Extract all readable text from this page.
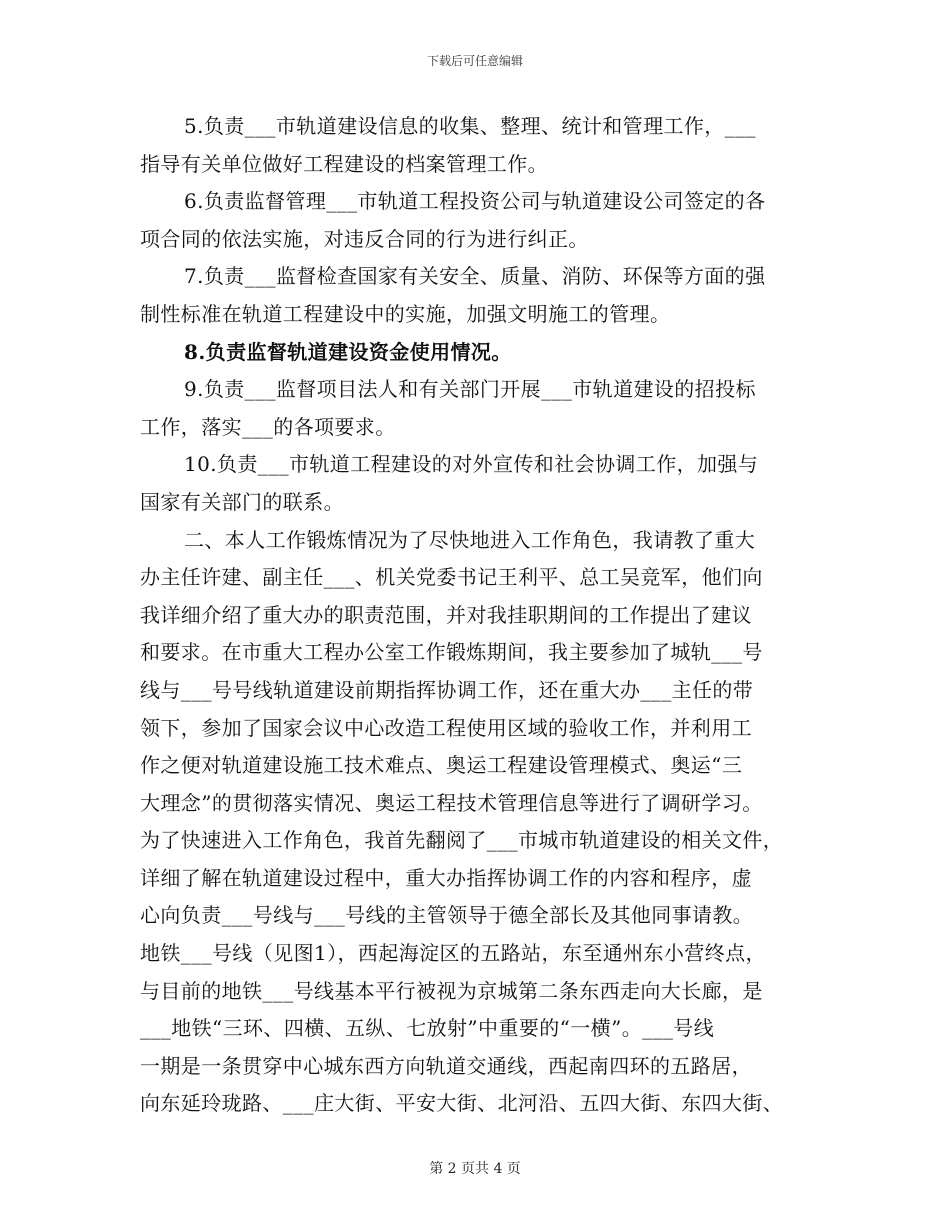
下载后可任意编辑

5.负责___市轨道建设信息的收集、整理、统计和管理工作，___
指导有关单位做好工程建设的档案管理工作。

6.负责监督管理___市轨道工程投资公司与轨道建设公司签定的各
项合同的依法实施，对违反合同的行为进行纠正。

7.负责___监督检查国家有关安全、质量、消防、环保等方面的强
制性标准在轨道工程建设中的实施，加强文明施工的管理。

8.负责监督轨道建设资金使用情况。

9.负责___监督项目法人和有关部门开展___市轨道建设的招投标
工作，落实___的各项要求。

10.负责___市轨道工程建设的对外宣传和社会协调工作，加强与
国家有关部门的联系。

二、本人工作锻炼情况为了尽快地进入工作角色，我请教了重大
办主任许建、副主任___、机关党委书记王利平、总工吴竞军，他们向
我详细介绍了重大办的职责范围，并对我挂职期间的工作提出了建议
和要求。在市重大工程办公室工作锻炼期间，我主要参加了城轨___号
线与___号号线轨道建设前期指挥协调工作，还在重大办___主任的带
领下，参加了国家会议中心改造工程使用区域的验收工作，并利用工
作之便对轨道建设施工技术难点、奥运工程建设管理模式、奥运“三
大理念”的贯彻落实情况、奥运工程技术管理信息等进行了调研学习。
为了快速进入工作角色，我首先翻阅了___市城市轨道建设的相关文件，
详细了解在轨道建设过程中，重大办指挥协调工作的内容和程序，虚
心向负责___号线与___号线的主管领导于德全部长及其他同事请教。
地铁___号线（见图1），西起海淀区的五路站，东至通州东小营终点，
与目前的地铁___号线基本平行被视为京城第二条东西走向大长廊，是
___地铁“三环、四横、五纵、七放射”中重要的“一横”。___号线
一期是一条贯穿中心城东西方向轨道交通线，西起南四环的五路居，
向东延玲珑路、___庄大街、平安大街、北河沿、五四大街、东四大街、

第 2 页共 4 页
